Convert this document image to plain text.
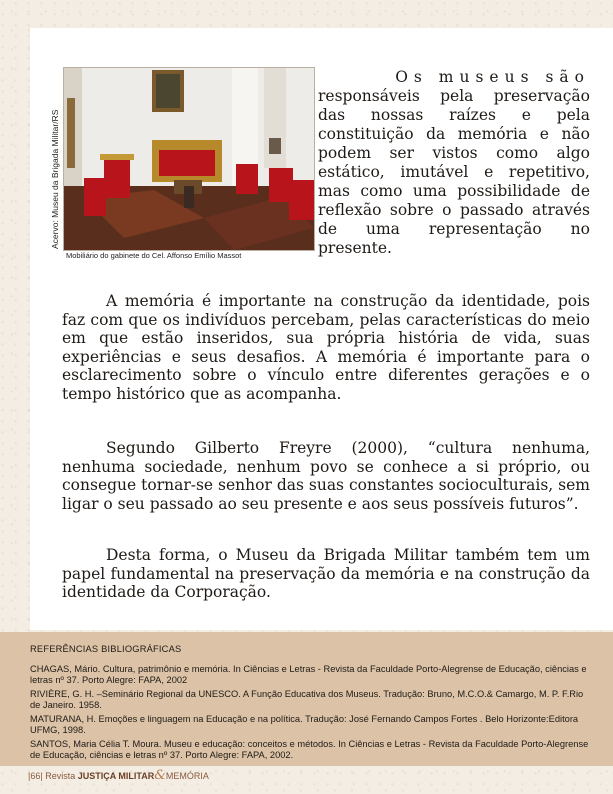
Acervo: Museu da Brigada Militar/RS
Mobiliário do gabinete do Cel. Affonso Emílio Massot
Os museus são
responsáveis pela preservação das nossas raízes e pela constituição da memória e não podem ser vistos como algo estático, imutável e repetitivo, mas como uma possibilidade de reflexão sobre o passado através de uma representação no presente.

A memória é importante na construção da identidade, pois faz com que os indivíduos percebam, pelas características do meio em que estão inseridos, sua própria história de vida, suas experiências e seus desafios. A memória é importante para o esclarecimento sobre o vínculo entre diferentes gerações e o tempo histórico que as acompanha.

Segundo Gilberto Freyre (2000), “cultura nenhuma, nenhuma sociedade, nenhum povo se conhece a si próprio, ou consegue tornar-se senhor das suas constantes socioculturais, sem ligar o seu passado ao seu presente e aos seus possíveis futuros”.

Desta forma, o Museu da Brigada Militar também tem um papel fundamental na preservação da memória e na construção da identidade da Corporação.

REFERÊNCIAS BIBLIOGRÁFICAS
CHAGAS, Mário. Cultura, patrimônio e memória. In Ciências e Letras - Revista da Faculdade Porto-Alegrense de Educação, ciências e letras nº 37. Porto Alegre: FAPA, 2002
RIVIÈRE, G. H. –Seminário Regional da UNESCO. A Função Educativa dos Museus. Tradução: Bruno, M.C.O.& Camargo, M. P. F.Rio de Janeiro. 1958.
MATURANA, H. Emoções e linguagem na Educação e na política. Tradução: José Fernando Campos Fortes . Belo Horizonte:Editora UFMG, 1998.
SANTOS, Maria Célia T. Moura. Museu e educação: conceitos e métodos. In Ciências e Letras - Revista da Faculdade Porto-Alegrense de Educação, ciências e letras nº 37. Porto Alegre: FAPA, 2002.
|66| Revista JUSTIÇA MILITAR&MEMÓRIA
